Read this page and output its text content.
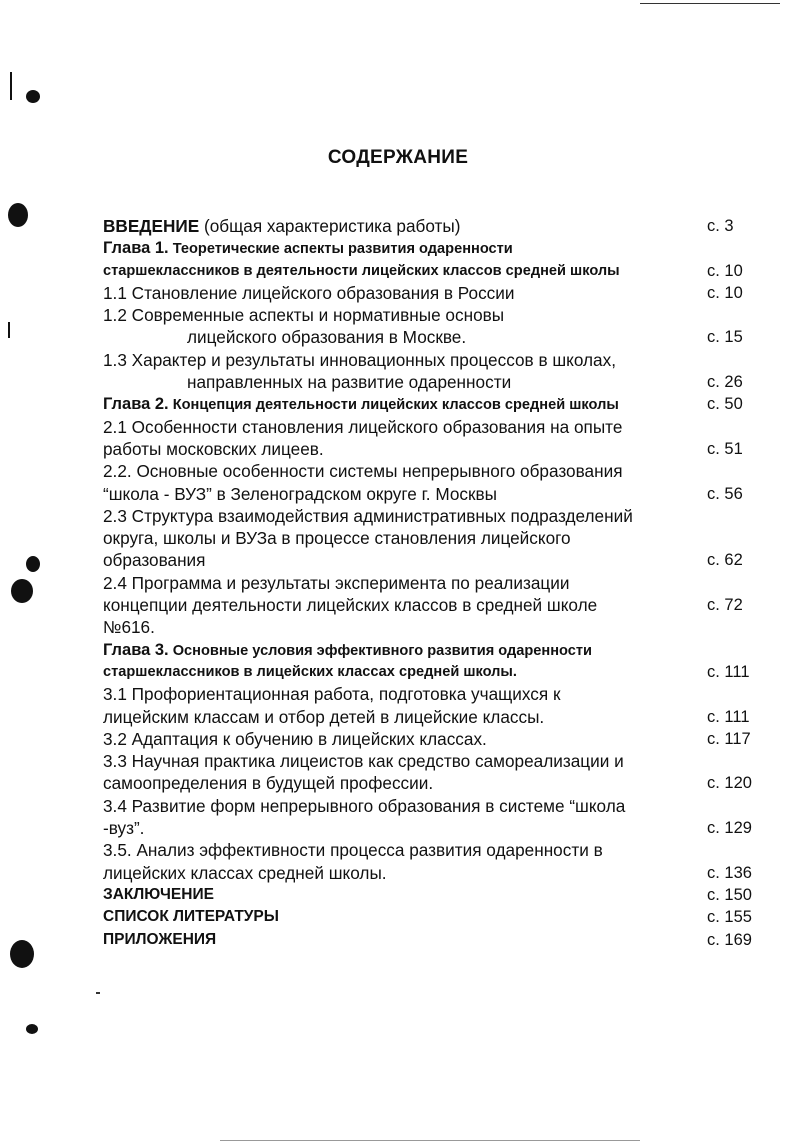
СОДЕРЖАНИЕ
ВВЕДЕНИЕ (общая характеристика работы)	с. 3
Глава 1. Теоретические аспекты развития одаренности
старшеклассников в деятельности лицейских классов средней школы	с. 10
1.1 Становление лицейского образования в России	с. 10
1.2 Современные аспекты и нормативные основы
лицейского образования в Москве.	с. 15
1.3 Характер и результаты инновационных процессов в школах,
направленных на развитие одаренности	с. 26
Глава 2. Концепция деятельности лицейских классов средней школы	с. 50
2.1 Особенности становления лицейского образования на опыте
работы московских лицеев.	с. 51
2.2. Основные особенности системы непрерывного образования
“школа - ВУЗ” в Зеленоградском округе г. Москвы	с. 56
2.3 Структура взаимодействия административных подразделений
округа, школы и ВУЗа в процессе становления лицейского
образования	с. 62
2.4 Программа и результаты эксперимента по реализации
концепции деятельности лицейских классов в средней школе	с. 72
№616.
Глава 3. Основные условия эффективного развития одаренности
старшеклассников в лицейских классах средней школы.	с. 111
3.1 Профориентационная работа, подготовка учащихся к
лицейским классам и отбор детей в лицейские классы.	с. 111
3.2 Адаптация к обучению в лицейских классах.	с. 117
3.3 Научная практика лицеистов как средство самореализации и
самоопределения в будущей профессии.	с. 120
3.4 Развитие форм непрерывного образования в системе “школа
-вуз”.	с. 129
3.5. Анализ эффективности процесса развития одаренности в
лицейских классах средней школы.	с. 136
ЗАКЛЮЧЕНИЕ	с. 150
СПИСОК ЛИТЕРАТУРЫ	с. 155
ПРИЛОЖЕНИЯ	с. 169
